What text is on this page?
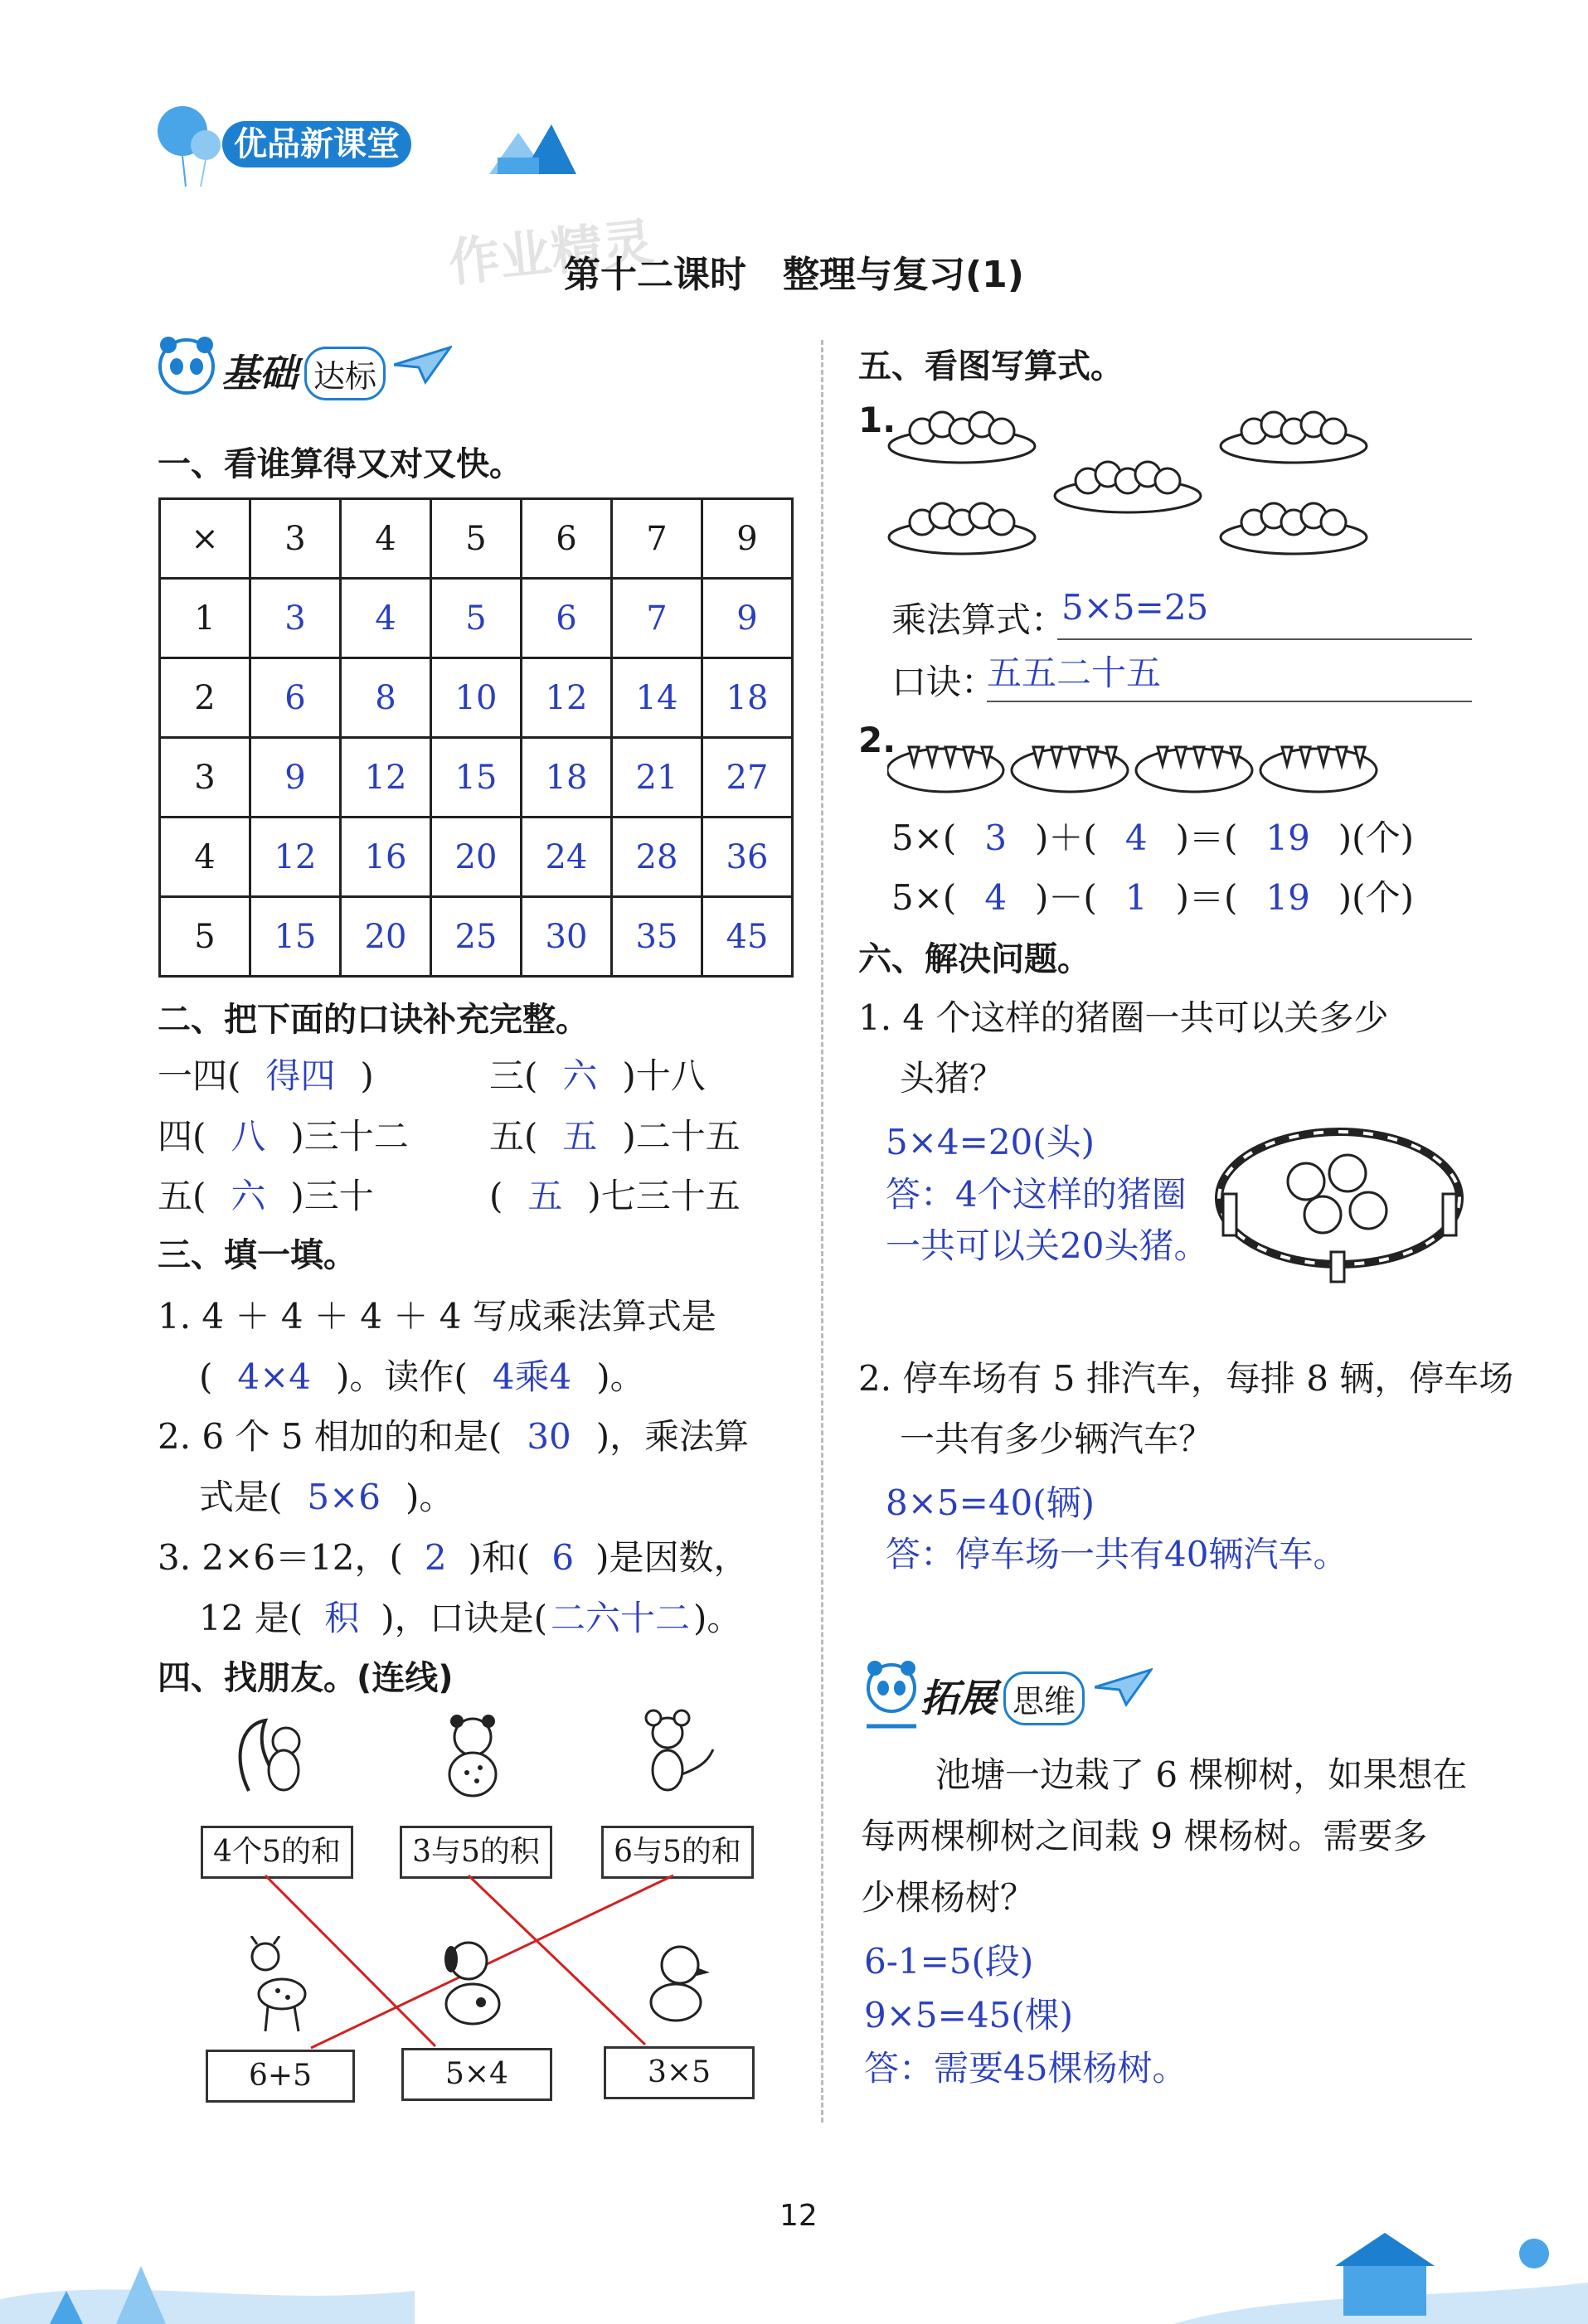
优品新课堂
作业精灵
第十二课时　整理与复习(1)
基础 达标
一、看谁算得又对又快。
×	3	4	5	6	7	9
1	3	4	5	6	7	9
2	6	8	10	12	14	18
3	9	12	15	18	21	27
4	12	16	20	24	28	36
5	15	20	25	30	35	45
二、把下面的口诀补充完整。
一四( 得四 )	三( 六 )十八
四( 八 )三十二 五( 五 )二十五
五( 六 )三十	( 五 )七三十五
三、填一填。
1. 4 ＋ 4 ＋ 4 ＋ 4 写成乘法算式是
( 4×4 )。读作( 4乘4 )。
2. 6 个 5 相加的和是( 30 )，乘法算
式是( 5×6 )。
3. 2×6＝12，( 2 )和( 6 )是因数，
12 是( 积 )，口诀是(二六十二)。
四、找朋友。(连线)
4个5的和	3与5的积	6与5的和
6+5	5×4	3×5
五、看图写算式。
1.
乘法算式：
5×5=25
口诀：
五五二十五
2.
5×( 3 )＋( 4 )＝( 19 )(个)
5×( 4 )－( 1 )＝( 19 )(个)
六、解决问题。
1. 4 个这样的猪圈一共可以关多少
头猪？
5×4=20(头)
答：4个这样的猪圈
一共可以关20头猪。
2. 停车场有 5 排汽车，每排 8 辆，停车场
一共有多少辆汽车？
8×5=40(辆)
答：停车场一共有40辆汽车。
拓展 思维
池塘一边栽了 6 棵柳树，如果想在
每两棵柳树之间栽 9 棵杨树。需要多
少棵杨树？
6-1=5(段)
9×5=45(棵)
答：需要45棵杨树。
12
